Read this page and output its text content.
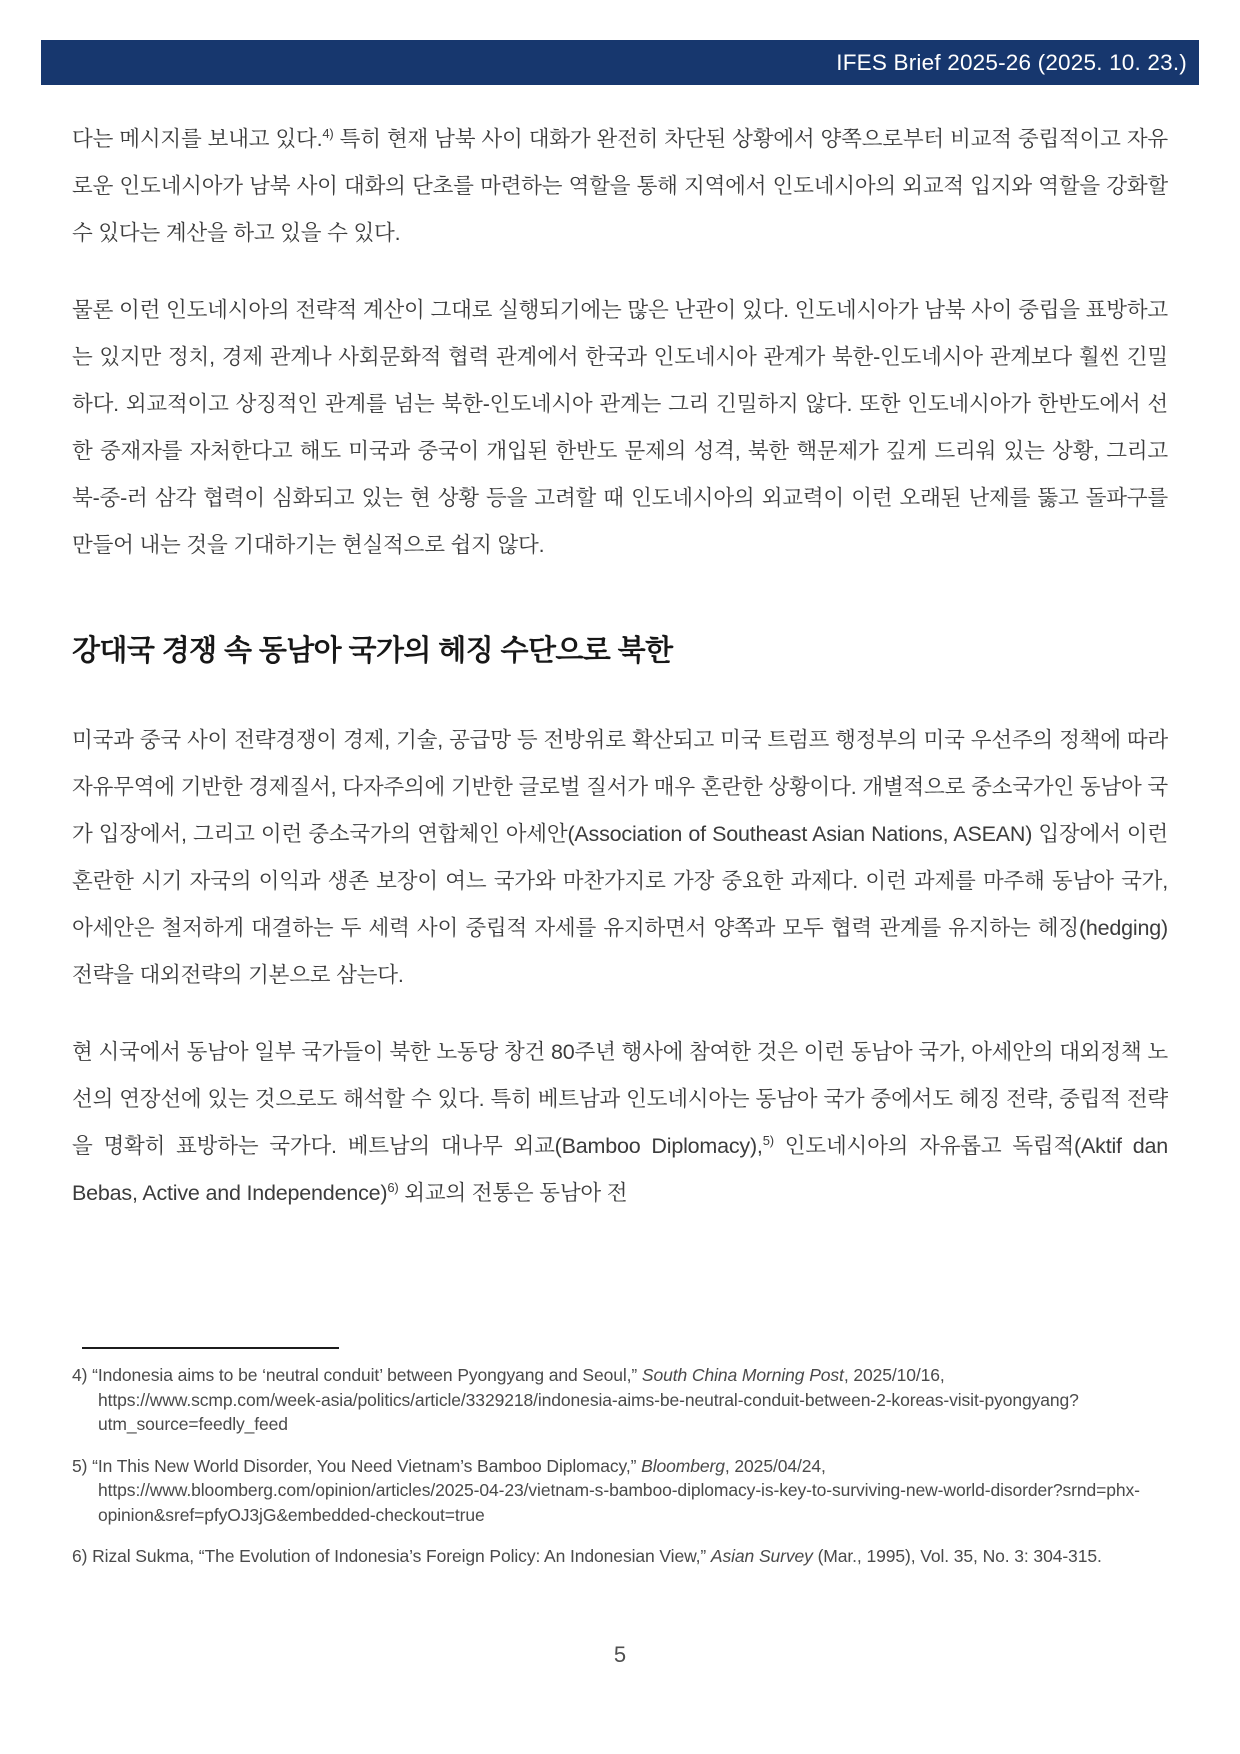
IFES Brief 2025-26 (2025. 10. 23.)

다는 메시지를 보내고 있다.$^{4)}$ 특히 현재 남북 사이 대화가 완전히 차단된 상황에서 양쪽으로부터 비교적 중립적이고 자유로운 인도네시아가 남북 사이 대화의 단초를 마련하는 역할을 통해 지역에서 인도네시아의 외교적 입지와 역할을 강화할 수 있다는 계산을 하고 있을 수 있다.

물론 이런 인도네시아의 전략적 계산이 그대로 실행되기에는 많은 난관이 있다. 인도네시아가 남북 사이 중립을 표방하고는 있지만 정치, 경제 관계나 사회문화적 협력 관계에서 한국과 인도네시아 관계가 북한-인도네시아 관계보다 훨씬 긴밀하다. 외교적이고 상징적인 관계를 넘는 북한-인도네시아 관계는 그리 긴밀하지 않다. 또한 인도네시아가 한반도에서 선한 중재자를 자처한다고 해도 미국과 중국이 개입된 한반도 문제의 성격, 북한 핵문제가 깊게 드리워 있는 상황, 그리고 북-중-러 삼각 협력이 심화되고 있는 현 상황 등을 고려할 때 인도네시아의 외교력이 이런 오래된 난제를 뚫고 돌파구를 만들어 내는 것을 기대하기는 현실적으로 쉽지 않다.

강대국 경쟁 속 동남아 국가의 헤징 수단으로 북한

미국과 중국 사이 전략경쟁이 경제, 기술, 공급망 등 전방위로 확산되고 미국 트럼프 행정부의 미국 우선주의 정책에 따라 자유무역에 기반한 경제질서, 다자주의에 기반한 글로벌 질서가 매우 혼란한 상황이다. 개별적으로 중소국가인 동남아 국가 입장에서, 그리고 이런 중소국가의 연합체인 아세안(Association of Southeast Asian Nations, ASEAN) 입장에서 이런 혼란한 시기 자국의 이익과 생존 보장이 여느 국가와 마찬가지로 가장 중요한 과제다. 이런 과제를 마주해 동남아 국가, 아세안은 철저하게 대결하는 두 세력 사이 중립적 자세를 유지하면서 양쪽과 모두 협력 관계를 유지하는 헤징(hedging) 전략을 대외전략의 기본으로 삼는다.

현 시국에서 동남아 일부 국가들이 북한 노동당 창건 80주년 행사에 참여한 것은 이런 동남아 국가, 아세안의 대외정책 노선의 연장선에 있는 것으로도 해석할 수 있다. 특히 베트남과 인도네시아는 동남아 국가 중에서도 헤징 전략, 중립적 전략을 명확히 표방하는 국가다. 베트남의 대나무 외교(Bamboo Diplomacy),$^{5)}$ 인도네시아의 자유롭고 독립적(Aktif dan Bebas, Active and Independence)$^{6)}$ 외교의 전통은 동남아 전

4) “Indonesia aims to be ‘neutral conduit’ between Pyongyang and Seoul,” South China Morning Post, 2025/10/16, https://www.scmp.com/week-asia/politics/article/3329218/indonesia-aims-be-neutral-conduit-between-2-koreas-visit-pyongyang?utm_source=feedly_feed

5) “In This New World Disorder, You Need Vietnam’s Bamboo Diplomacy,” Bloomberg, 2025/04/24, https://www.bloomberg.com/opinion/articles/2025-04-23/vietnam-s-bamboo-diplomacy-is-key-to-surviving-new-world-disorder?srnd=phx-opinion&sref=pfyOJ3jG&embedded-checkout=true

6) Rizal Sukma, “The Evolution of Indonesia’s Foreign Policy: An Indonesian View,” Asian Survey (Mar., 1995), Vol. 35, No. 3: 304-315.

5
